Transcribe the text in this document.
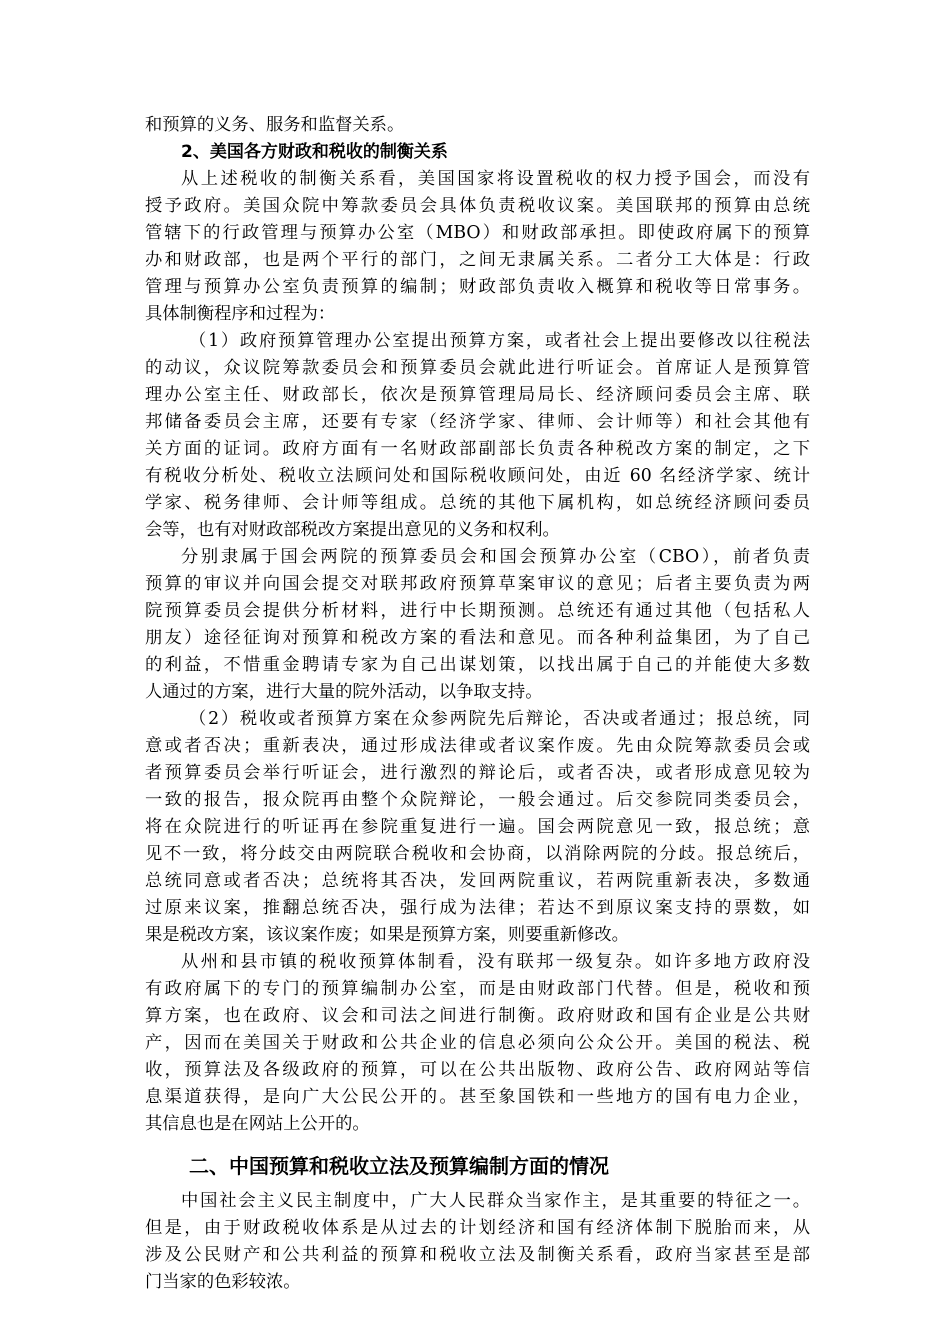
和预算的义务、服务和监督关系。
2、美国各方财政和税收的制衡关系
从上述税收的制衡关系看，美国国家将设置税收的权力授予国会，而没有
授予政府。美国众院中筹款委员会具体负责税收议案。美国联邦的预算由总统
管辖下的行政管理与预算办公室（MBO）和财政部承担。即使政府属下的预算
办和财政部，也是两个平行的部门，之间无隶属关系。二者分工大体是：行政
管理与预算办公室负责预算的编制；财政部负责收入概算和税收等日常事务。
具体制衡程序和过程为：
（1）政府预算管理办公室提出预算方案，或者社会上提出要修改以往税法
的动议，众议院筹款委员会和预算委员会就此进行听证会。首席证人是预算管
理办公室主任、财政部长，依次是预算管理局局长、经济顾问委员会主席、联
邦储备委员会主席，还要有专家（经济学家、律师、会计师等）和社会其他有
关方面的证词。政府方面有一名财政部副部长负责各种税改方案的制定，之下
有税收分析处、税收立法顾问处和国际税收顾问处，由近 60 名经济学家、统计
学家、税务律师、会计师等组成。总统的其他下属机构，如总统经济顾问委员
会等，也有对财政部税改方案提出意见的义务和权利。
分别隶属于国会两院的预算委员会和国会预算办公室（CBO），前者负责
预算的审议并向国会提交对联邦政府预算草案审议的意见；后者主要负责为两
院预算委员会提供分析材料，进行中长期预测。总统还有通过其他（包括私人
朋友）途径征询对预算和税改方案的看法和意见。而各种利益集团，为了自己
的利益，不惜重金聘请专家为自己出谋划策，以找出属于自己的并能使大多数
人通过的方案，进行大量的院外活动，以争取支持。
（2）税收或者预算方案在众参两院先后辩论，否决或者通过；报总统，同
意或者否决；重新表决，通过形成法律或者议案作废。先由众院筹款委员会或
者预算委员会举行听证会，进行激烈的辩论后，或者否决，或者形成意见较为
一致的报告，报众院再由整个众院辩论，一般会通过。后交参院同类委员会，
将在众院进行的听证再在参院重复进行一遍。国会两院意见一致，报总统；意
见不一致，将分歧交由两院联合税收和会协商，以消除两院的分歧。报总统后，
总统同意或者否决；总统将其否决，发回两院重议，若两院重新表决，多数通
过原来议案，推翻总统否决，强行成为法律；若达不到原议案支持的票数，如
果是税改方案，该议案作废；如果是预算方案，则要重新修改。
从州和县市镇的税收预算体制看，没有联邦一级复杂。如许多地方政府没
有政府属下的专门的预算编制办公室，而是由财政部门代替。但是，税收和预
算方案，也在政府、议会和司法之间进行制衡。政府财政和国有企业是公共财
产，因而在美国关于财政和公共企业的信息必须向公众公开。美国的税法、税
收，预算法及各级政府的预算，可以在公共出版物、政府公告、政府网站等信
息渠道获得，是向广大公民公开的。甚至象国铁和一些地方的国有电力企业，
其信息也是在网站上公开的。
二、中国预算和税收立法及预算编制方面的情况
中国社会主义民主制度中，广大人民群众当家作主，是其重要的特征之一。
但是，由于财政税收体系是从过去的计划经济和国有经济体制下脱胎而来，从
涉及公民财产和公共利益的预算和税收立法及制衡关系看，政府当家甚至是部
门当家的色彩较浓。
